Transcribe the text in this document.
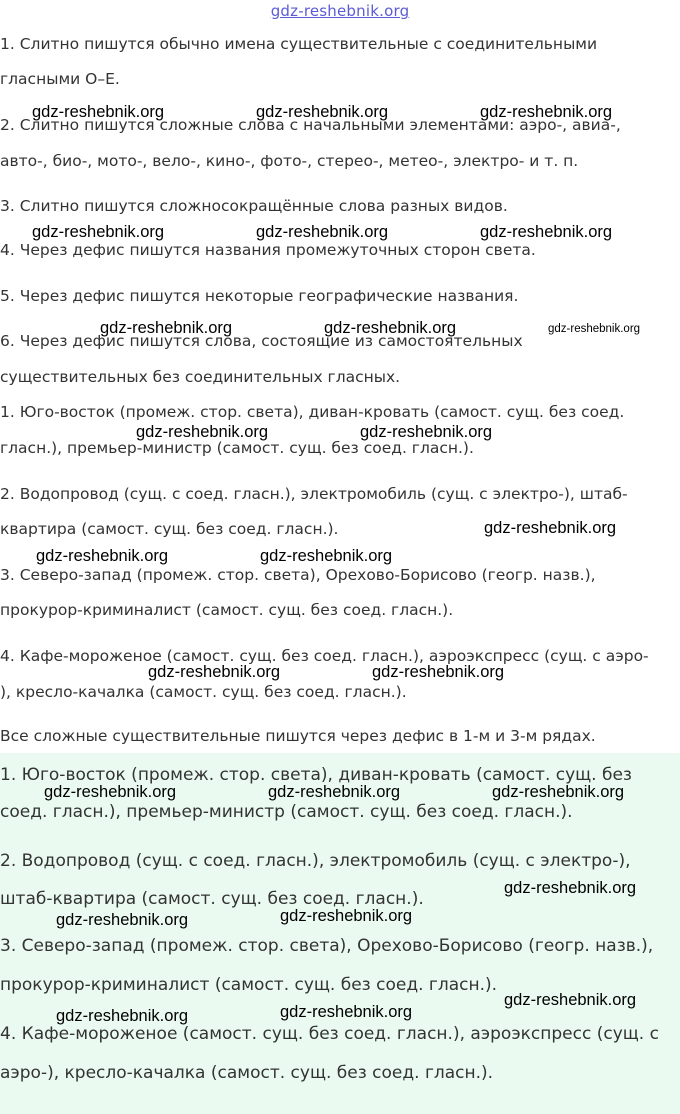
gdz-reshebnik.org
1. Слитно пишутся обычно имена существительные с соединительными
гласными О–Е.
2. Слитно пишутся сложные слова с начальными элементами: аэро-, авиа-,
авто-, био-, мото-, вело-, кино-, фото-, стерео-, метео-, электро- и т. п.
3. Слитно пишутся сложносокращённые слова разных видов.
4. Через дефис пишутся названия промежуточных сторон света.
5. Через дефис пишутся некоторые географические названия.
6. Через дефис пишутся слова, состоящие из самостоятельных
существительных без соединительных гласных.
1. Юго-восток (промеж. стор. света), диван-кровать (самост. сущ. без соед.
гласн.), премьер-министр (самост. сущ. без соед. гласн.).
2. Водопровод (сущ. с соед. гласн.), электромобиль (сущ. с электро-), штаб-
квартира (самост. сущ. без соед. гласн.).
3. Северо-запад (промеж. стор. света), Орехово-Борисово (геогр. назв.),
прокурор-криминалист (самост. сущ. без соед. гласн.).
4. Кафе-мороженое (самост. сущ. без соед. гласн.), аэроэкспресс (сущ. с аэро-
), кресло-качалка (самост. сущ. без соед. гласн.).
Все сложные существительные пишутся через дефис в 1-м и 3-м рядах.
1. Юго-восток (промеж. стор. света), диван-кровать (самост. сущ. без
соед. гласн.), премьер-министр (самост. сущ. без соед. гласн.).
2. Водопровод (сущ. с соед. гласн.), электромобиль (сущ. с электро-),
штаб-квартира (самост. сущ. без соед. гласн.).
3. Северо-запад (промеж. стор. света), Орехово-Борисово (геогр. назв.),
прокурор-криминалист (самост. сущ. без соед. гласн.).
4. Кафе-мороженое (самост. сущ. без соед. гласн.), аэроэкспресс (сущ. с
аэро-), кресло-качалка (самост. сущ. без соед. гласн.).
gdz-reshebnik.org	gdz-reshebnik.org	gdz-reshebnik.org
gdz-reshebnik.org	gdz-reshebnik.org	gdz-reshebnik.org
gdz-reshebnik.org	gdz-reshebnik.org	gdz-reshebnik.org
gdz-reshebnik.org	gdz-reshebnik.org
gdz-reshebnik.org
gdz-reshebnik.org	gdz-reshebnik.org
gdz-reshebnik.org	gdz-reshebnik.org
gdz-reshebnik.org	gdz-reshebnik.org	gdz-reshebnik.org
gdz-reshebnik.org
gdz-reshebnik.org	gdz-reshebnik.org
gdz-reshebnik.org
gdz-reshebnik.org	gdz-reshebnik.org
